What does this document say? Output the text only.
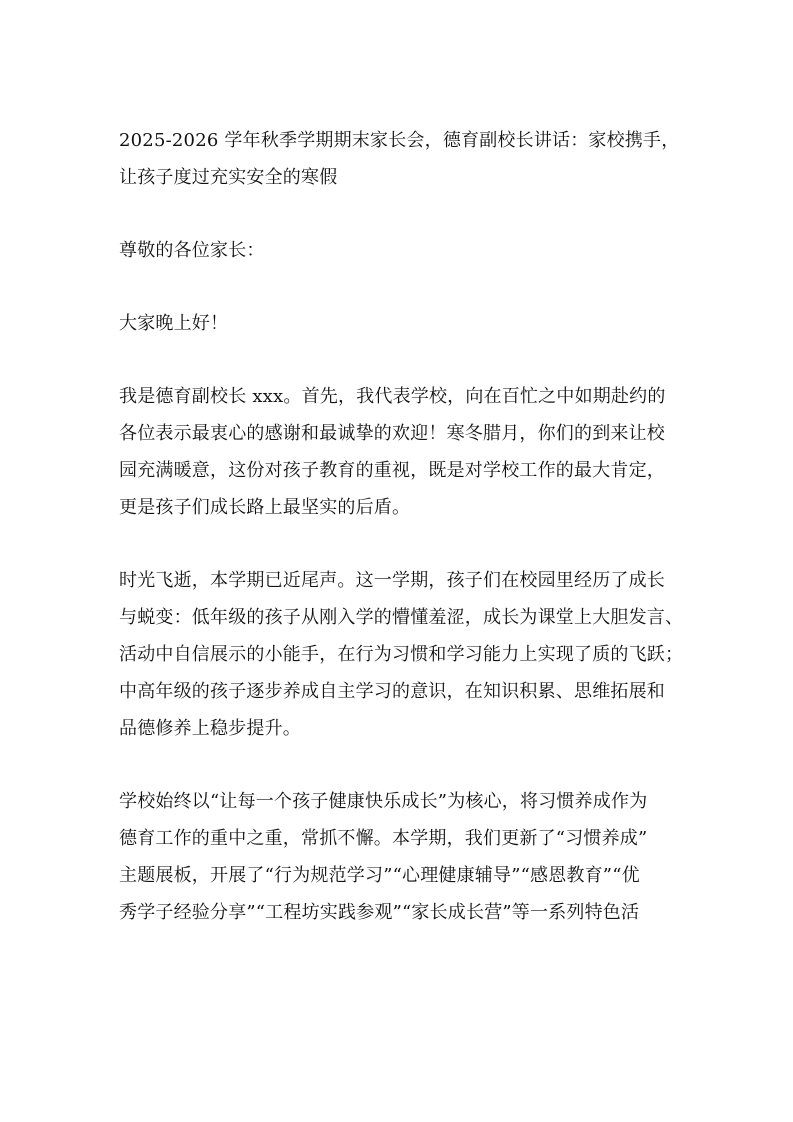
2025-2026 学年秋季学期期末家长会，德育副校长讲话：家校携手，
让孩子度过充实安全的寒假

尊敬的各位家长：

大家晚上好！

我是德育副校长 xxx。首先，我代表学校，向在百忙之中如期赴约的
各位表示最衷心的感谢和最诚挚的欢迎！寒冬腊月，你们的到来让校
园充满暖意，这份对孩子教育的重视，既是对学校工作的最大肯定，
更是孩子们成长路上最坚实的后盾。
时光飞逝，本学期已近尾声。这一学期，孩子们在校园里经历了成长
与蜕变：低年级的孩子从刚入学的懵懂羞涩，成长为课堂上大胆发言、
活动中自信展示的小能手，在行为习惯和学习能力上实现了质的飞跃；
中高年级的孩子逐步养成自主学习的意识，在知识积累、思维拓展和
品德修养上稳步提升。
学校始终以“让每一个孩子健康快乐成长”为核心，将习惯养成作为
德育工作的重中之重，常抓不懈。本学期，我们更新了“习惯养成”
主题展板，开展了“行为规范学习”“心理健康辅导”“感恩教育”“优
秀学子经验分享”“工程坊实践参观”“家长成长营”等一系列特色活
